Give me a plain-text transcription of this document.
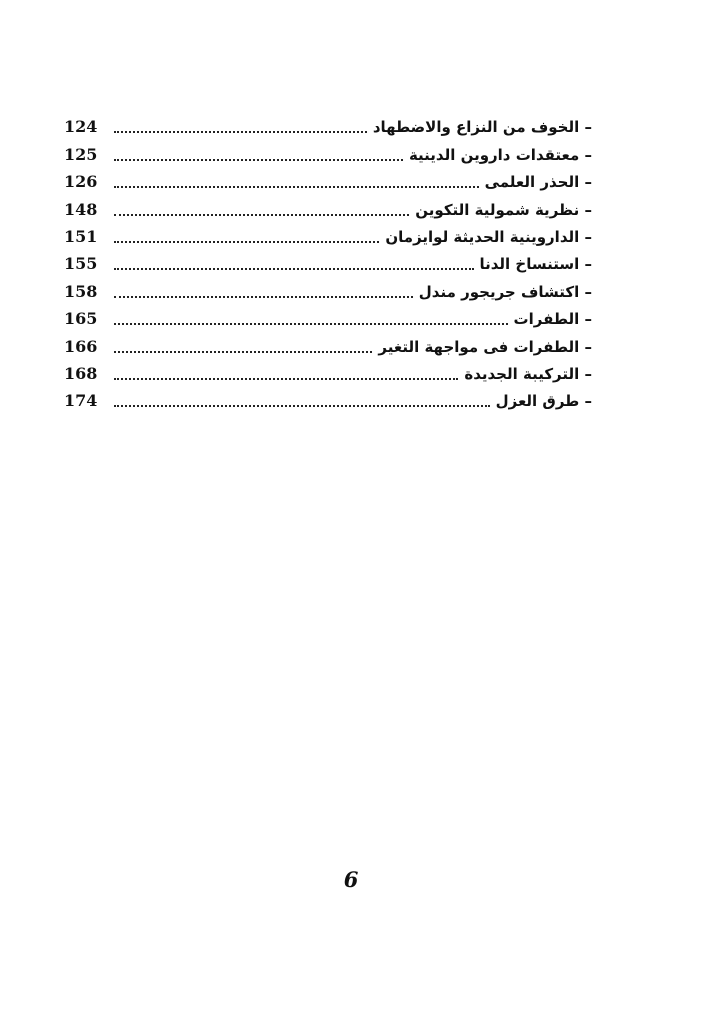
124	– الخوف من النزاع والاضطهاد
125	– معتقدات داروين الدينية
126	– الحذر العلمى
148	– نظرية شمولية التكوين
151	– الداروينية الحديثة لوايزمان
155	– استنساخ الدنا
158	– اكتشاف جريجور مندل
165	– الطفرات
166	– الطفرات فى مواجهة التغير
168	– التركيبة الجديدة
174	– طرق العزل
6
